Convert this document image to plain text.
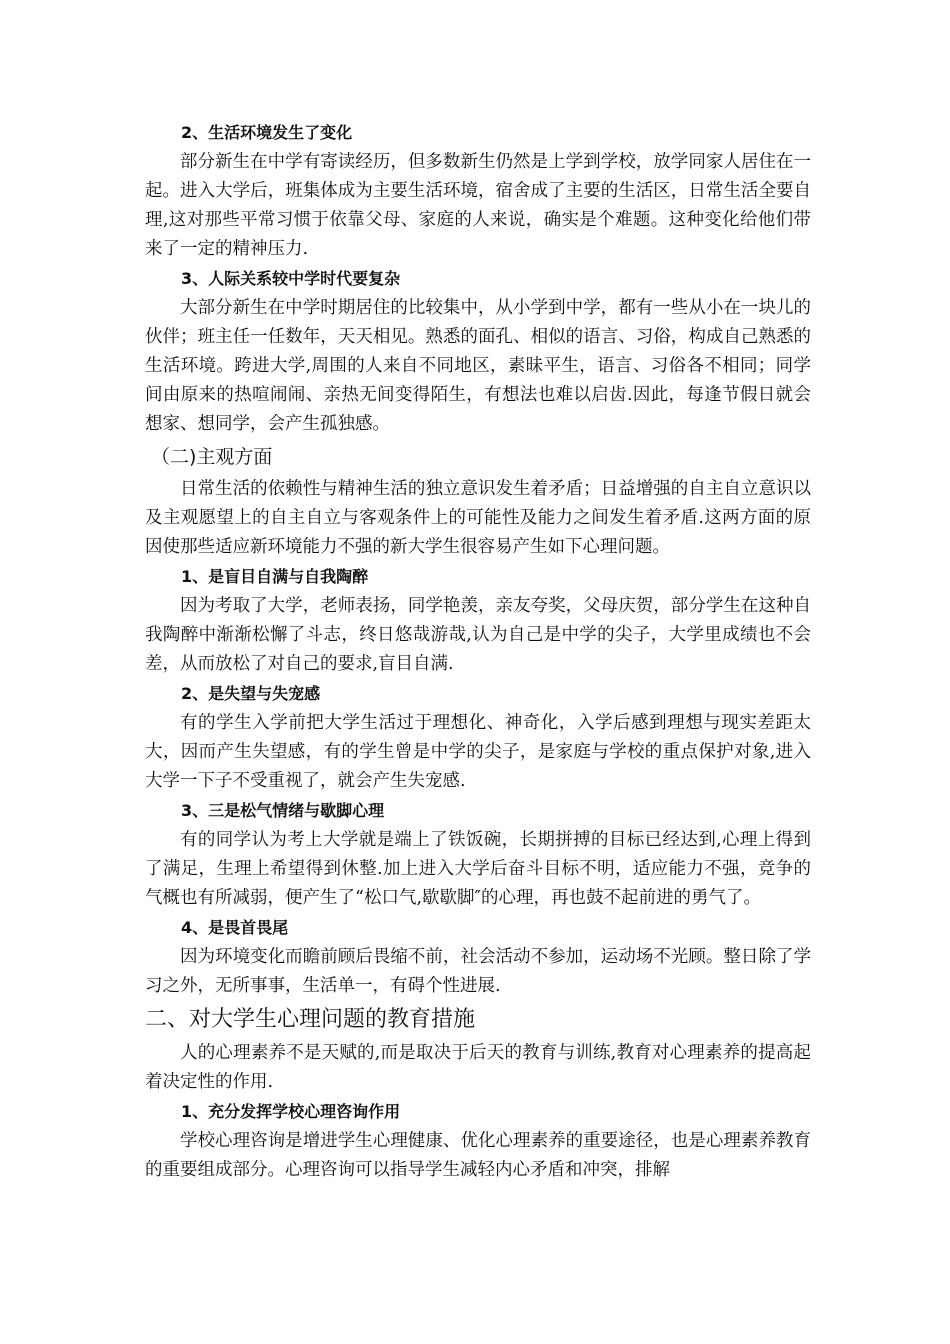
2、生活环境发生了变化

部分新生在中学有寄读经历，但多数新生仍然是上学到学校，放学同家人居住在一起。进入大学后，班集体成为主要生活环境，宿舍成了主要的生活区，日常生活全要自理,这对那些平常习惯于依靠父母、家庭的人来说，确实是个难题。这种变化给他们带来了一定的精神压力.

3、人际关系较中学时代要复杂

大部分新生在中学时期居住的比较集中，从小学到中学，都有一些从小在一块儿的伙伴；班主任一任数年，天天相见。熟悉的面孔、相似的语言、习俗，构成自己熟悉的生活环境。跨进大学,周围的人来自不同地区，素昧平生，语言、习俗各不相同；同学间由原来的热喧闹闹、亲热无间变得陌生，有想法也难以启齿.因此，每逢节假日就会想家、想同学，会产生孤独感。

（二)主观方面

日常生活的依赖性与精神生活的独立意识发生着矛盾；日益增强的自主自立意识以及主观愿望上的自主自立与客观条件上的可能性及能力之间发生着矛盾.这两方面的原因使那些适应新环境能力不强的新大学生很容易产生如下心理问题。

1、是盲目自满与自我陶醉

因为考取了大学，老师表扬，同学艳羡，亲友夸奖，父母庆贺，部分学生在这种自我陶醉中渐渐松懈了斗志，终日悠哉游哉,认为自己是中学的尖子，大学里成绩也不会差，从而放松了对自己的要求,盲目自满.

2、是失望与失宠感

有的学生入学前把大学生活过于理想化、神奇化，入学后感到理想与现实差距太大，因而产生失望感，有的学生曾是中学的尖子，是家庭与学校的重点保护对象,进入大学一下子不受重视了，就会产生失宠感.

3、三是松气情绪与歇脚心理

有的同学认为考上大学就是端上了铁饭碗，长期拼搏的目标已经达到,心理上得到了满足，生理上希望得到休整.加上进入大学后奋斗目标不明，适应能力不强，竞争的气概也有所减弱，便产生了“松口气,歇歇脚″的心理，再也鼓不起前进的勇气了。

4、是畏首畏尾

因为环境变化而瞻前顾后畏缩不前，社会活动不参加，运动场不光顾。整日除了学习之外，无所事事，生活单一，有碍个性进展.

二、对大学生心理问题的教育措施

人的心理素养不是天赋的,而是取决于后天的教育与训练,教育对心理素养的提高起着决定性的作用.

1、充分发挥学校心理咨询作用

学校心理咨询是增进学生心理健康、优化心理素养的重要途径，也是心理素养教育的重要组成部分。心理咨询可以指导学生减轻内心矛盾和冲突，排解
